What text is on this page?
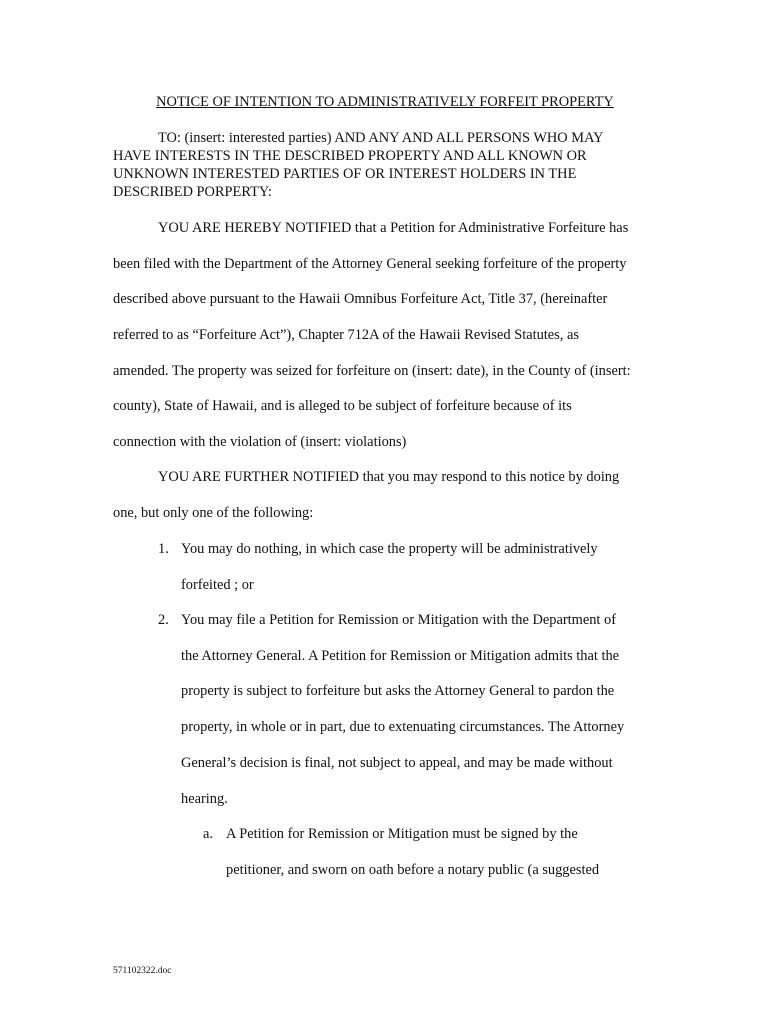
NOTICE OF INTENTION TO ADMINISTRATIVELY FORFEIT PROPERTY
TO: (insert: interested parties) AND ANY AND ALL PERSONS WHO MAY
HAVE INTERESTS IN THE DESCRIBED PROPERTY AND ALL KNOWN OR
UNKNOWN INTERESTED PARTIES OF OR INTEREST HOLDERS IN THE
DESCRIBED PORPERTY:
YOU ARE HEREBY NOTIFIED that a Petition for Administrative Forfeiture has
been filed with the Department of the Attorney General seeking forfeiture of the property
described above pursuant to the Hawaii Omnibus Forfeiture Act, Title 37, (hereinafter
referred to as “Forfeiture Act”), Chapter 712A of the Hawaii Revised Statutes, as
amended. The property was seized for forfeiture on (insert: date), in the County of (insert:
county), State of Hawaii, and is alleged to be subject of forfeiture because of its
connection with the violation of (insert: violations)
YOU ARE FURTHER NOTIFIED that you may respond to this notice by doing
one, but only one of the following:
1. You may do nothing, in which case the property will be administratively
forfeited ; or
2. You may file a Petition for Remission or Mitigation with the Department of
the Attorney General. A Petition for Remission or Mitigation admits that the
property is subject to forfeiture but asks the Attorney General to pardon the
property, in whole or in part, due to extenuating circumstances. The Attorney
General’s decision is final, not subject to appeal, and may be made without
hearing.
a. A Petition for Remission or Mitigation must be signed by the
petitioner, and sworn on oath before a notary public (a suggested
571102322.doc
